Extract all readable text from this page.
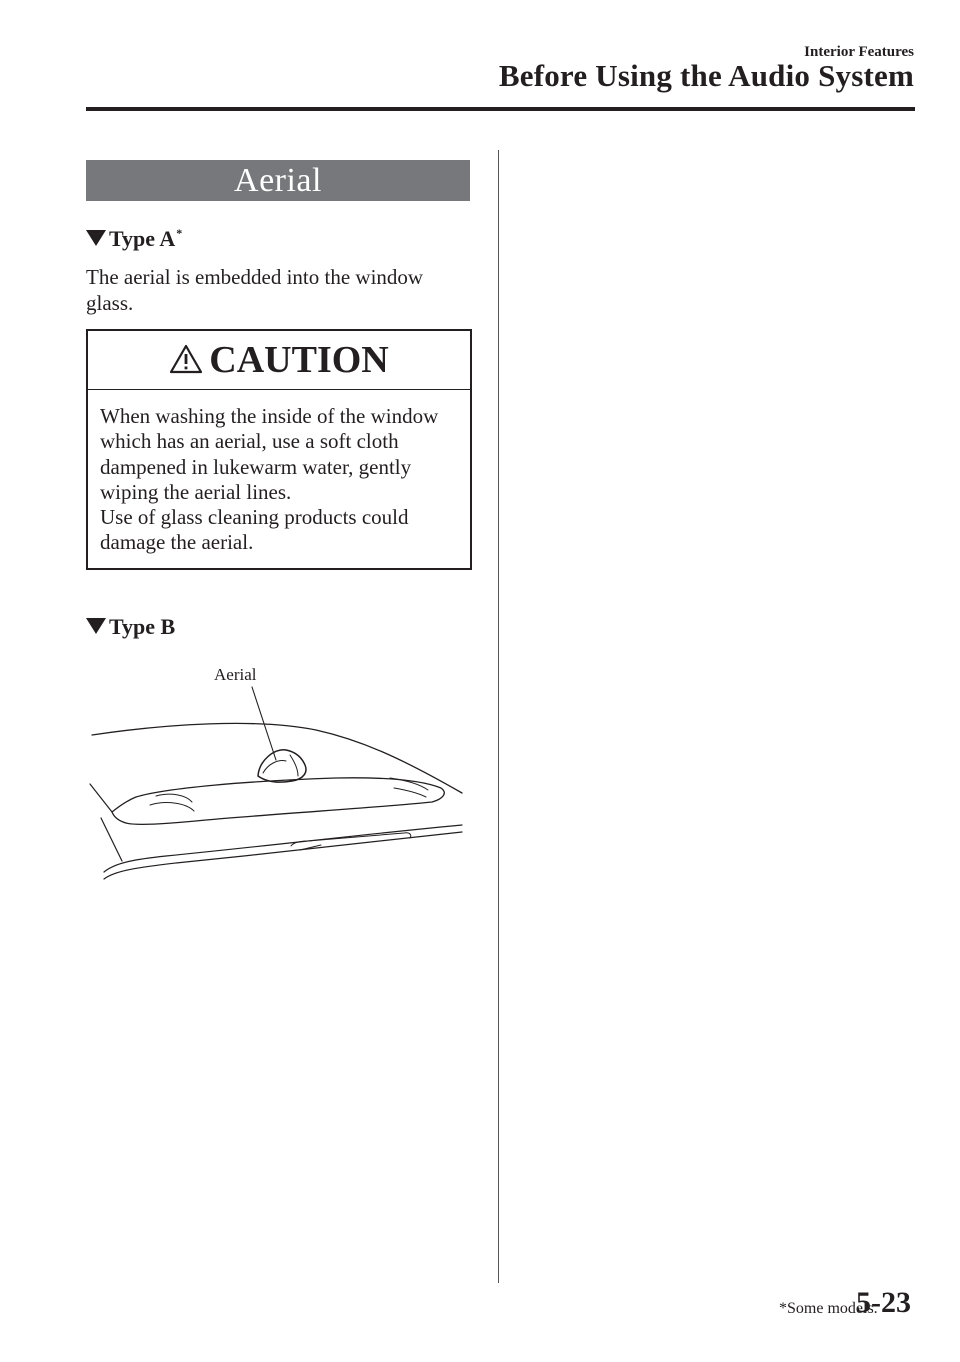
Interior Features
Before Using the Audio System
Aerial
Type A*
The aerial is embedded into the window glass.
CAUTION
When washing the inside of the window
which has an aerial, use a soft cloth
dampened in lukewarm water, gently
wiping the aerial lines.
Use of glass cleaning products could
damage the aerial.
Type B
Aerial
*Some models.
5-23
